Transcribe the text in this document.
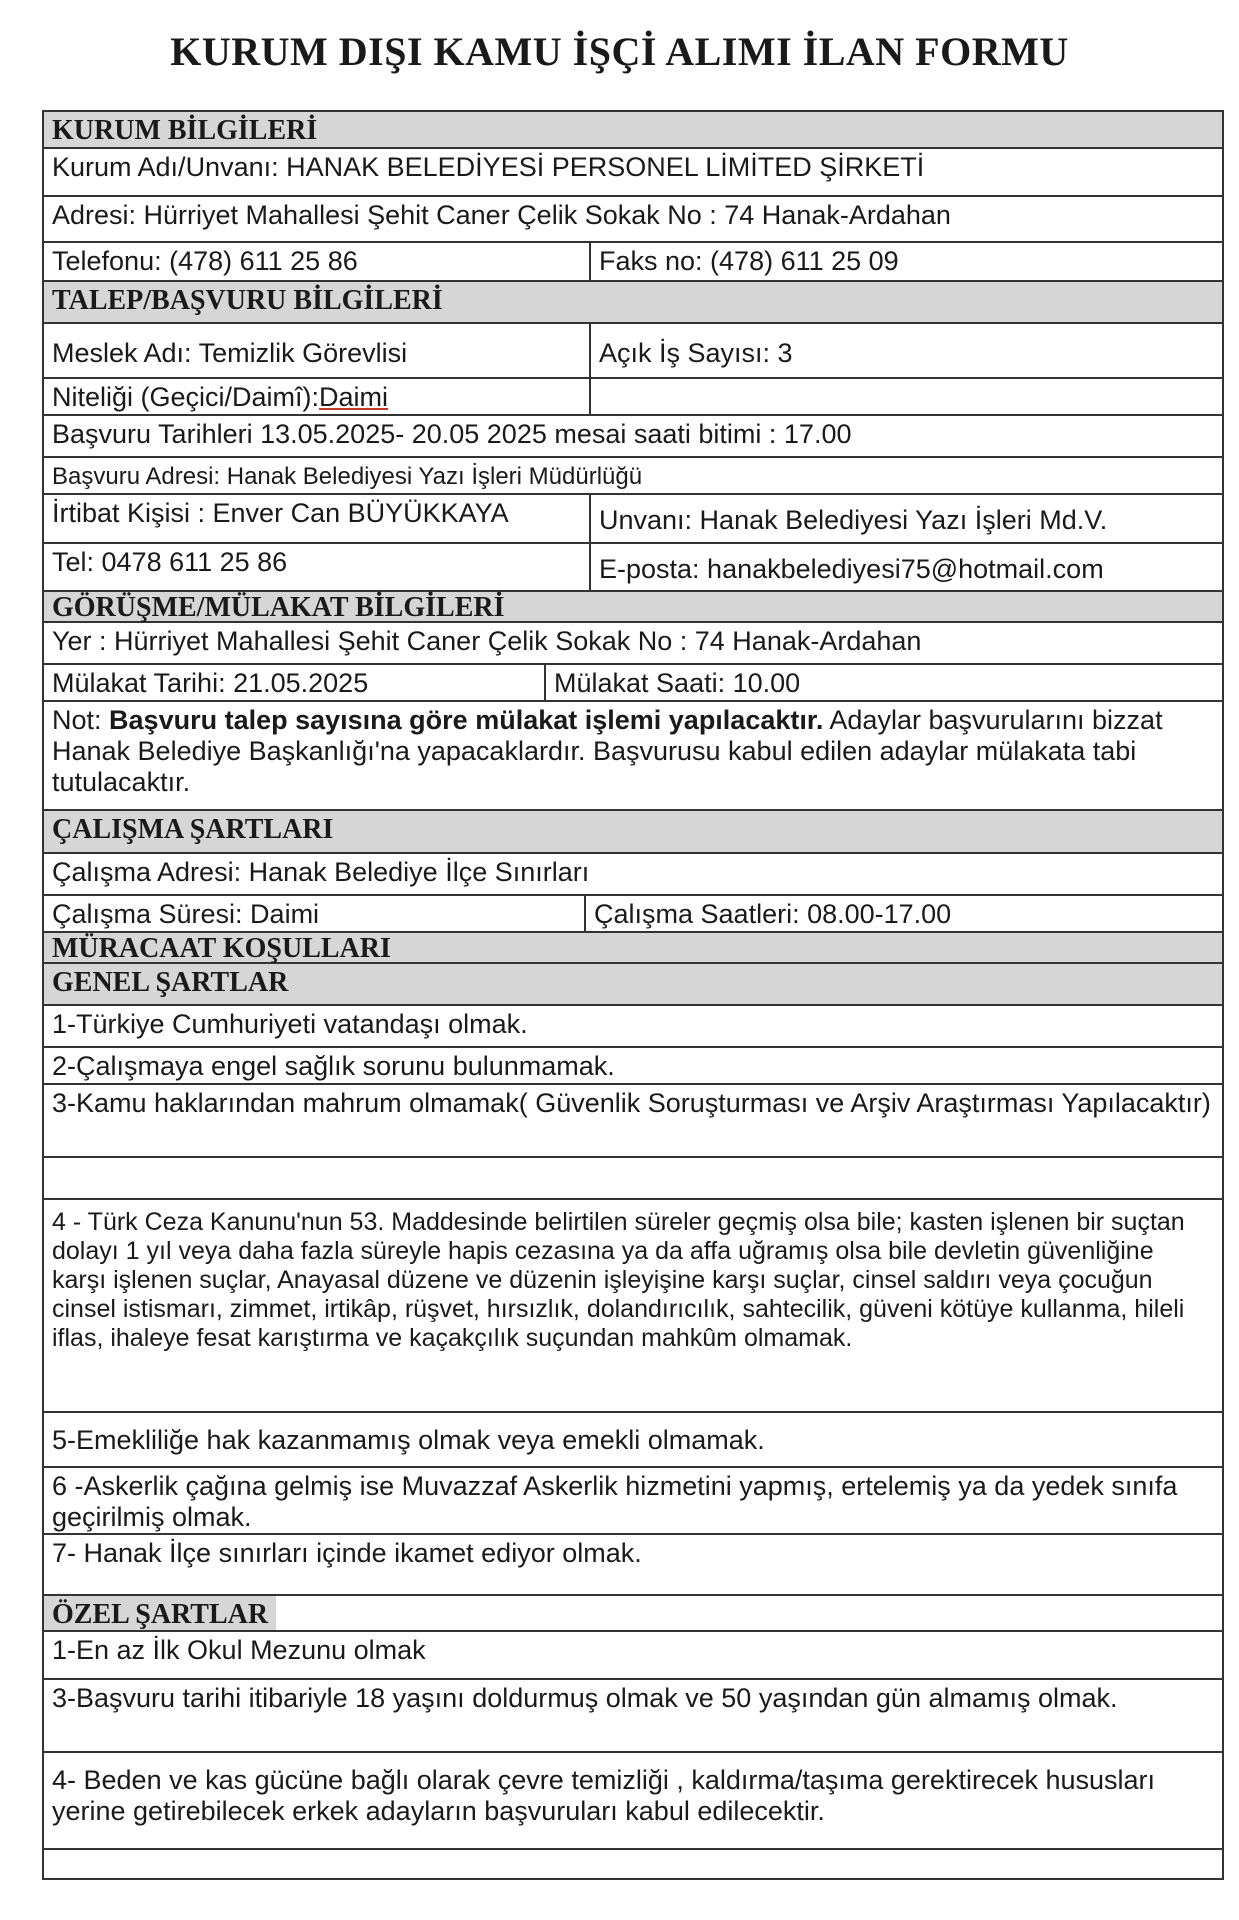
KURUM DIŞI KAMU İŞÇİ ALIMI İLAN FORMU
KURUM BİLGİLERİ
Kurum Adı/Unvanı: HANAK BELEDİYESİ PERSONEL LİMİTED ŞİRKETİ
Adresi: Hürriyet Mahallesi Şehit Caner Çelik Sokak No : 74 Hanak-Ardahan
Telefonu: (478) 611 25 86	Faks no: (478) 611 25 09
TALEP/BAŞVURU BİLGİLERİ
Meslek Adı: Temizlik Görevlisi	Açık İş Sayısı: 3
Niteliği (Geçici/Daimî):Daimi
Başvuru Tarihleri 13.05.2025- 20.05 2025 mesai saati bitimi : 17.00
Başvuru Adresi: Hanak Belediyesi Yazı İşleri Müdürlüğü
İrtibat Kişisi : Enver Can BÜYÜKKAYA	Unvanı: Hanak Belediyesi Yazı İşleri Md.V.
Tel: 0478 611 25 86	E-posta: hanakbelediyesi75@hotmail.com
GÖRÜŞME/MÜLAKAT BİLGİLERİ
Yer : Hürriyet Mahallesi Şehit Caner Çelik Sokak No : 74 Hanak-Ardahan
Mülakat Tarihi: 21.05.2025	Mülakat Saati: 10.00
Not: Başvuru talep sayısına göre mülakat işlemi yapılacaktır. Adaylar başvurularını bizzat Hanak Belediye Başkanlığı'na yapacaklardır. Başvurusu kabul edilen adaylar mülakata tabi tutulacaktır.
ÇALIŞMA ŞARTLARI
Çalışma Adresi: Hanak Belediye İlçe Sınırları
Çalışma Süresi: Daimi	Çalışma Saatleri: 08.00-17.00
MÜRACAAT KOŞULLARI
GENEL ŞARTLAR
1-Türkiye Cumhuriyeti vatandaşı olmak.
2-Çalışmaya engel sağlık sorunu bulunmamak.
3-Kamu haklarından mahrum olmamak( Güvenlik Soruşturması ve Arşiv Araştırması Yapılacaktır)
4 - Türk Ceza Kanunu'nun 53. Maddesinde belirtilen süreler geçmiş olsa bile; kasten işlenen bir suçtan dolayı 1 yıl veya daha fazla süreyle hapis cezasına ya da affa uğramış olsa bile devletin güvenliğine karşı işlenen suçlar, Anayasal düzene ve düzenin işleyişine karşı suçlar, cinsel saldırı veya çocuğun cinsel istismarı, zimmet, irtikâp, rüşvet, hırsızlık, dolandırıcılık, sahtecilik, güveni kötüye kullanma, hileli iflas, ihaleye fesat karıştırma ve kaçakçılık suçundan mahkûm olmamak.
5-Emekliliğe hak kazanmamış olmak veya emekli olmamak.
6 -Askerlik çağına gelmiş ise Muvazzaf Askerlik hizmetini yapmış, ertelemiş ya da yedek sınıfa geçirilmiş olmak.
7- Hanak İlçe sınırları içinde ikamet ediyor olmak.
ÖZEL ŞARTLAR
1-En az İlk Okul Mezunu olmak
3-Başvuru tarihi itibariyle 18 yaşını doldurmuş olmak ve 50 yaşından gün almamış olmak.
4- Beden ve kas gücüne bağlı olarak çevre temizliği , kaldırma/taşıma gerektirecek hususları yerine getirebilecek erkek adayların başvuruları kabul edilecektir.
